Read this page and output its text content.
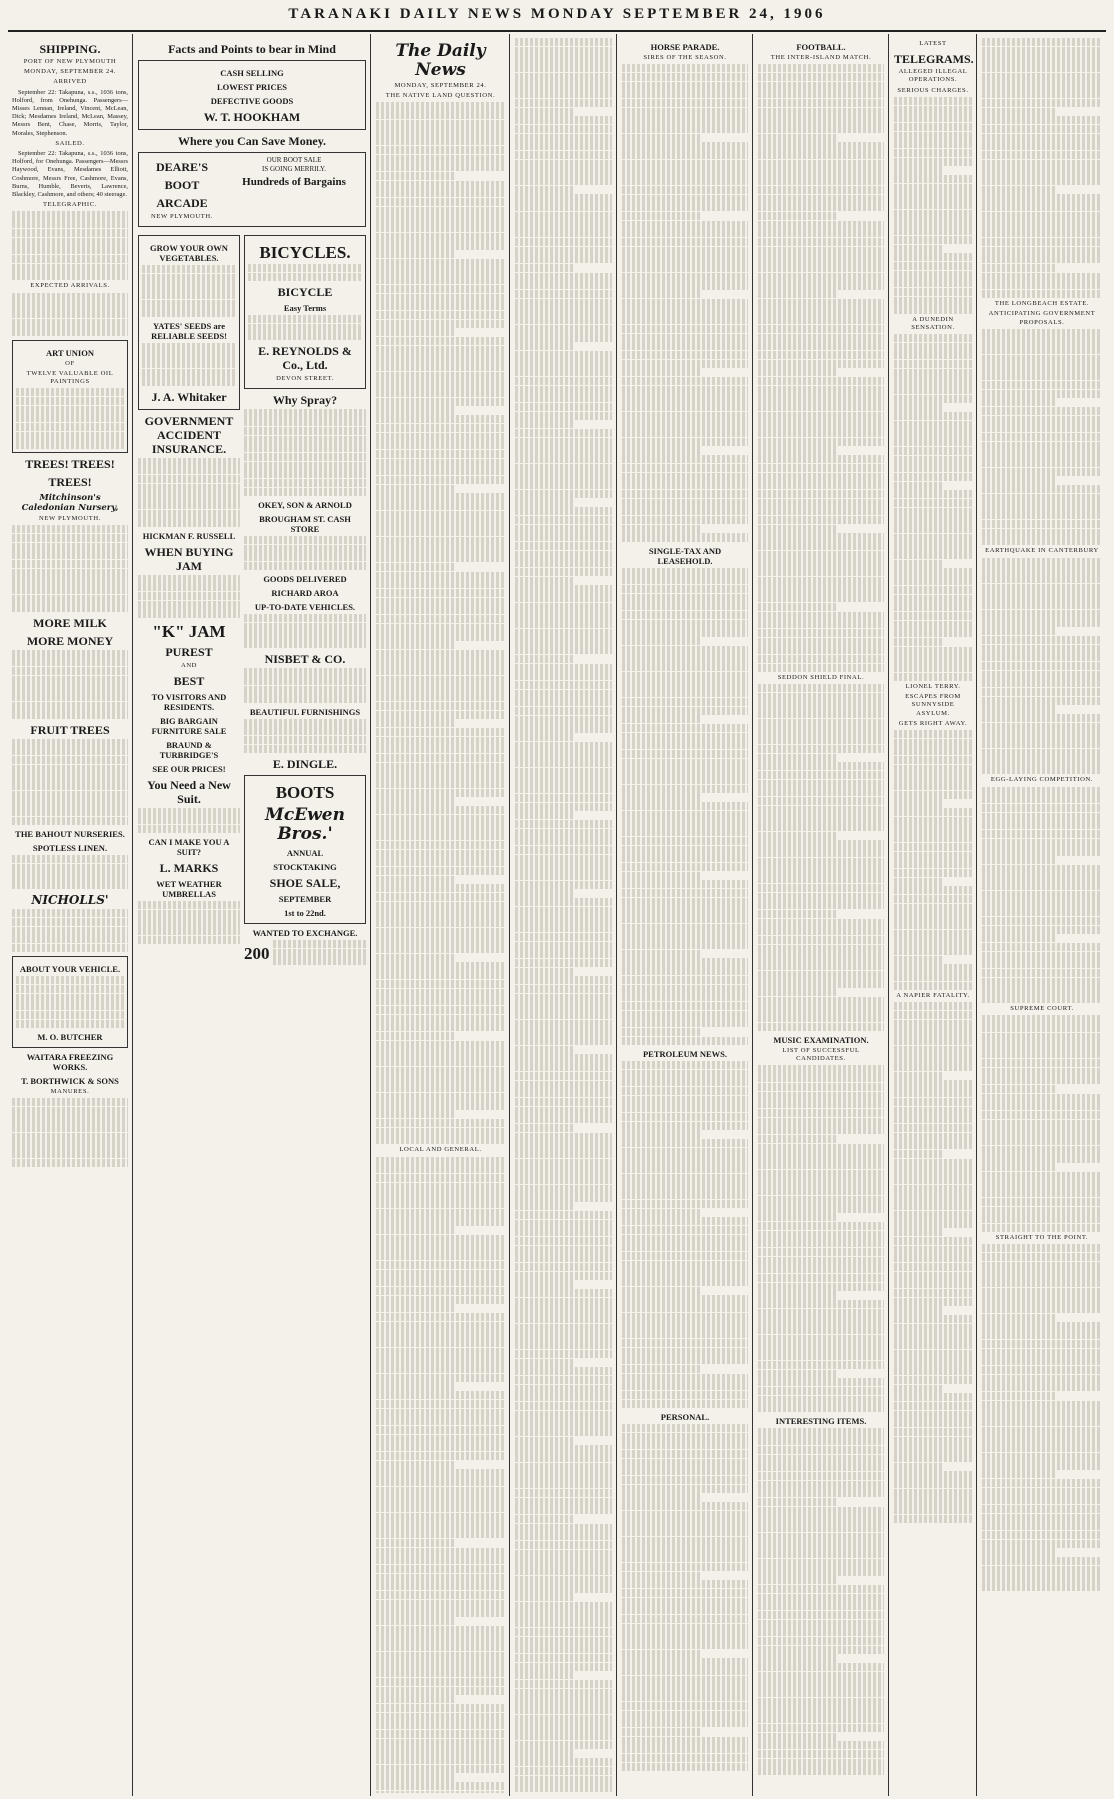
TARANAKI DAILY NEWS MONDAY SEPTEMBER 24, 1906
SHIPPING.
PORT OF NEW PLYMOUTH
MONDAY, SEPTEMBER 24.
ARRIVED

September 22: Takapuna, s.s., 1036 tons, Holford, from Onehunga. Passengers—Misses Lennan, Ireland, Vincent, McLean, Dick; Mesdames Ireland, McLean, Massey, Messrs Bent, Chase, Morris, Taylor, Morales, Stephenson.

SAILED.

September 22: Takapuna, s.s., 1036 tons, Holford, for Onehunga. Passengers—Messrs Haywood, Evans, Mesdames Elliott, Coshmore, Messrs Free, Cashmore, Evans, Burns, Humble, Beverts, Lawrence, Blackley, Cashmore, and others; 40 steerage.

TELEGRAPHIC.
EXPECTED ARRIVALS.
ART UNION
OF
TWELVE VALUABLE OIL PAINTINGS
TREES! TREES!
TREES!
Mitchinson's Caledonian Nursery,
NEW PLYMOUTH.
MORE MILK
MORE MONEY
FRUIT TREES
THE BAHOUT NURSERIES.
SPOTLESS LINEN.
NICHOLLS'
ABOUT YOUR VEHICLE.
M. O. BUTCHER
WAITARA FREEZING WORKS.
T. BORTHWICK & SONS
MANURES.
Facts and Points to bear in Mind
CASH SELLING
LOWEST PRICES
DEFECTIVE GOODS
W. T. HOOKHAM
Where you Can Save Money.
DEARE'S
BOOT
ARCADE
NEW PLYMOUTH.
OUR BOOT SALE
IS GOING MERRILY.
Hundreds of Bargains
GROW YOUR OWN VEGETABLES.
YATES' SEEDS are RELIABLE SEEDS!
J. A. Whitaker
GOVERNMENT ACCIDENT INSURANCE.
HICKMAN F. RUSSELL
WHEN BUYING JAM
"K" JAM
PUREST
AND
BEST
TO VISITORS AND RESIDENTS.
BIG BARGAIN FURNITURE SALE
BRAUND & TURBRIDGE'S
SEE OUR PRICES!
You Need a New Suit.
CAN I MAKE YOU A SUIT?
L. MARKS
WET WEATHER UMBRELLAS
BICYCLES.
BICYCLE
Easy Terms
E. REYNOLDS & Co., Ltd.
DEVON STREET.
Why Spray?
OKEY, SON & ARNOLD
BROUGHAM ST. CASH STORE
GOODS DELIVERED
RICHARD AROA
UP-TO-DATE VEHICLES.
NISBET & CO.
BEAUTIFUL FURNISHINGS
E. DINGLE.
BOOTS
McEwen Bros.'
ANNUAL
STOCKTAKING
SHOE SALE,
SEPTEMBER
1st to 22nd.
WANTED TO EXCHANGE.
200
The Daily News
MONDAY, SEPTEMBER 24.
THE NATIVE LAND QUESTION.
LOCAL AND GENERAL.
HORSE PARADE.
SIRES OF THE SEASON.
SINGLE-TAX AND LEASEHOLD.
PETROLEUM NEWS.
PERSONAL.
FOOTBALL.
THE INTER-ISLAND MATCH.
SEDDON SHIELD FINAL.
MUSIC EXAMINATION.
LIST OF SUCCESSFUL CANDIDATES.
INTERESTING ITEMS.
LATEST
TELEGRAMS.
ALLEGED ILLEGAL OPERATIONS.
SERIOUS CHARGES.
A DUNEDIN SENSATION.
LIONEL TERRY.
ESCAPES FROM SUNNYSIDE ASYLUM.
GETS RIGHT AWAY.
A NAPIER FATALITY.
THE LONGBEACH ESTATE.
ANTICIPATING GOVERNMENT PROPOSALS.
EARTHQUAKE IN CANTERBURY
EGG-LAYING COMPETITION.
SUPREME COURT.
STRAIGHT TO THE POINT.
